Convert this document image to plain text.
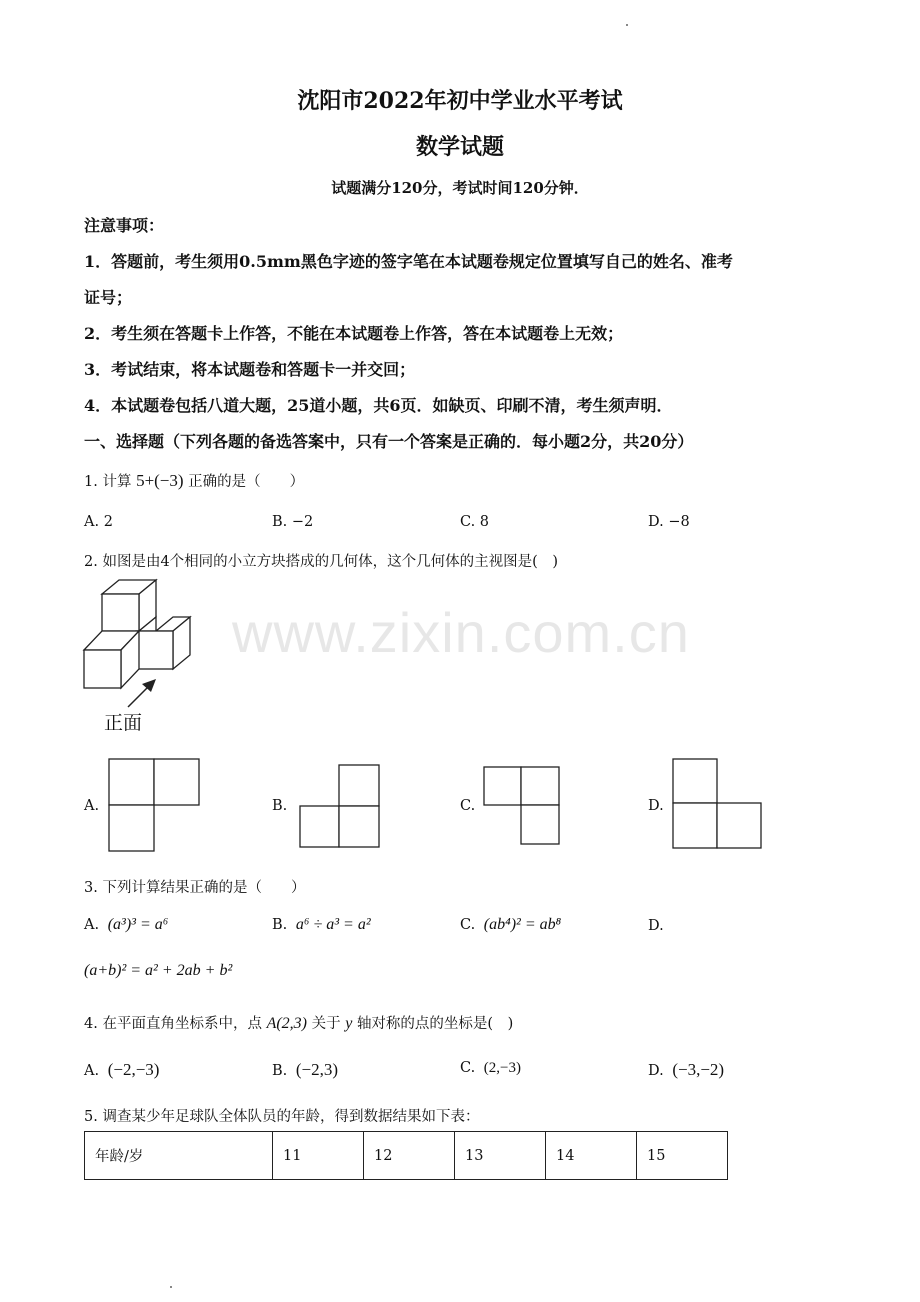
沈阳市2022年初中学业水平考试
数学试题
试题满分120分，考试时间120分钟．
注意事项：
1．答题前，考生须用0.5mm黑色字迹的签字笔在本试题卷规定位置填写自己的姓名、准考
证号；
2．考生须在答题卡上作答，不能在本试题卷上作答，答在本试题卷上无效；
3．考试结束，将本试题卷和答题卡一并交回；
4．本试题卷包括八道大题，25道小题，共6页．如缺页、印刷不清，考生须声明．
一、选择题（下列各题的备选答案中，只有一个答案是正确的．每小题2分，共20分）
1. 计算 5+(−3) 正确的是（　　）
A. 2	B. −2	C. 8	D. −8
2. 如图是由4个相同的小立方块搭成的几何体，这个几何体的主视图是(　)
正面
www.zixin.com.cn
A.	B.	C.	D.
3. 下列计算结果正确的是（　　）
A. (a³)³ = a⁶	B. a⁶ ÷ a³ = a²	C. (ab⁴)² = ab⁸	D.
(a+b)² = a² + 2ab + b²
4. 在平面直角坐标系中，点 A(2,3) 关于 y 轴对称的点的坐标是(　)
A. (−2,−3)	B. (−2,3)	C. (2,−3)	D. (−3,−2)
5. 调查某少年足球队全体队员的年龄，得到数据结果如下表：
年龄/岁	11	12	13	14	15
